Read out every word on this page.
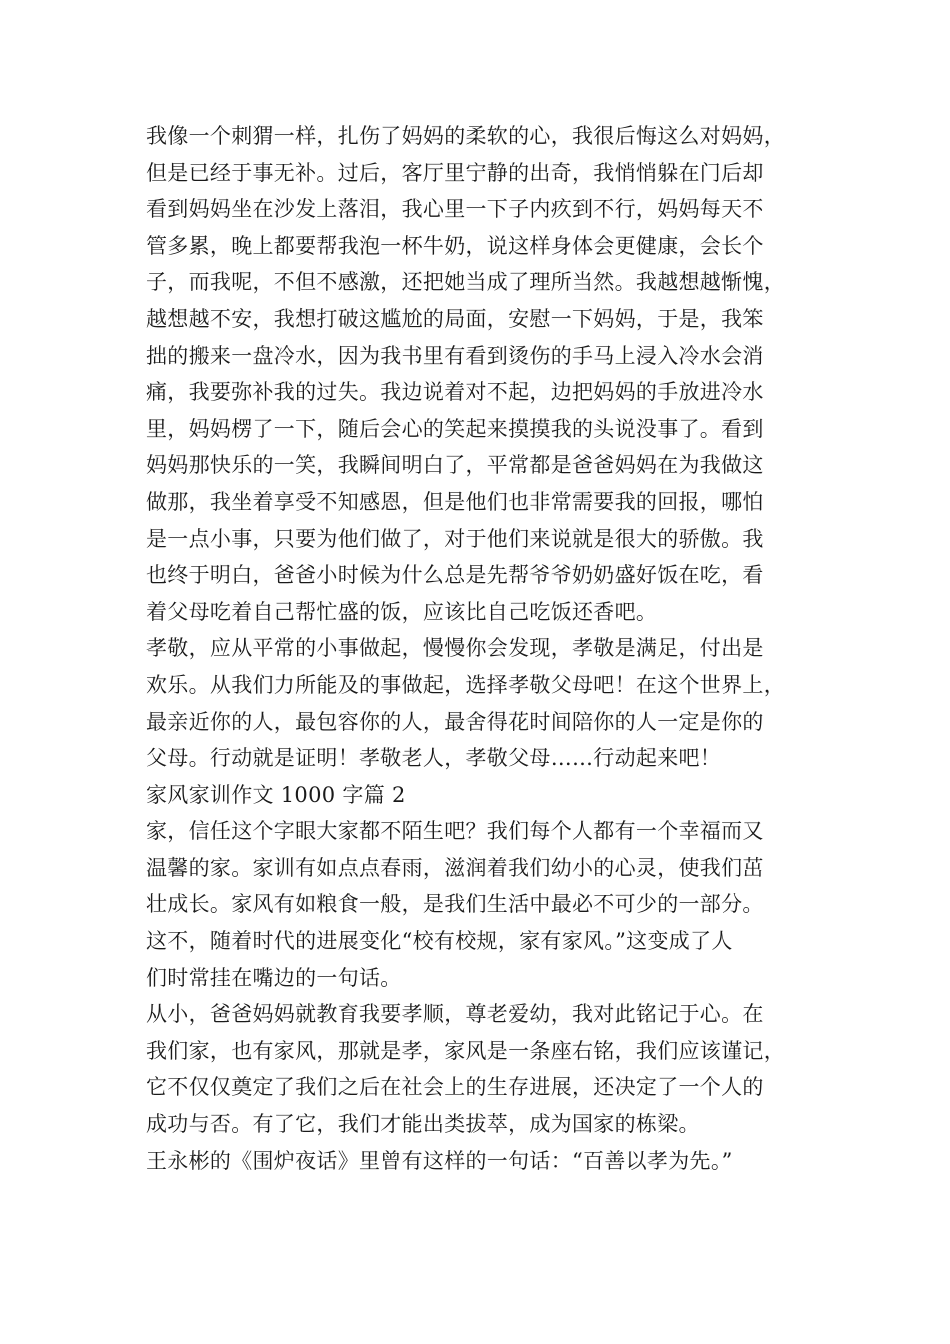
我像一个刺猬一样，扎伤了妈妈的柔软的心，我很后悔这么对妈妈，
但是已经于事无补。过后，客厅里宁静的出奇，我悄悄躲在门后却
看到妈妈坐在沙发上落泪，我心里一下子内疚到不行，妈妈每天不
管多累，晚上都要帮我泡一杯牛奶，说这样身体会更健康，会长个
子，而我呢，不但不感激，还把她当成了理所当然。我越想越惭愧，
越想越不安，我想打破这尴尬的局面，安慰一下妈妈，于是，我笨
拙的搬来一盘冷水，因为我书里有看到烫伤的手马上浸入冷水会消
痛，我要弥补我的过失。我边说着对不起，边把妈妈的手放进冷水
里，妈妈楞了一下，随后会心的笑起来摸摸我的头说没事了。看到
妈妈那快乐的一笑，我瞬间明白了，平常都是爸爸妈妈在为我做这
做那，我坐着享受不知感恩，但是他们也非常需要我的回报，哪怕
是一点小事，只要为他们做了，对于他们来说就是很大的骄傲。我
也终于明白，爸爸小时候为什么总是先帮爷爷奶奶盛好饭在吃，看
着父母吃着自己帮忙盛的饭，应该比自己吃饭还香吧。
孝敬，应从平常的小事做起，慢慢你会发现，孝敬是满足，付出是
欢乐。从我们力所能及的事做起，选择孝敬父母吧！在这个世界上，
最亲近你的人，最包容你的人，最舍得花时间陪你的人一定是你的
父母。行动就是证明！孝敬老人，孝敬父母……行动起来吧！
家风家训作文 1000 字篇 2
家，信任这个字眼大家都不陌生吧？我们每个人都有一个幸福而又
温馨的家。家训有如点点春雨，滋润着我们幼小的心灵，使我们茁
壮成长。家风有如粮食一般，是我们生活中最必不可少的一部分。
这不，随着时代的进展变化“校有校规，家有家风。”这变成了人
们时常挂在嘴边的一句话。
从小，爸爸妈妈就教育我要孝顺，尊老爱幼，我对此铭记于心。在
我们家，也有家风，那就是孝，家风是一条座右铭，我们应该谨记，
它不仅仅奠定了我们之后在社会上的生存进展，还决定了一个人的
成功与否。有了它，我们才能出类拔萃，成为国家的栋梁。
王永彬的《围炉夜话》里曾有这样的一句话：“百善以孝为先。”
